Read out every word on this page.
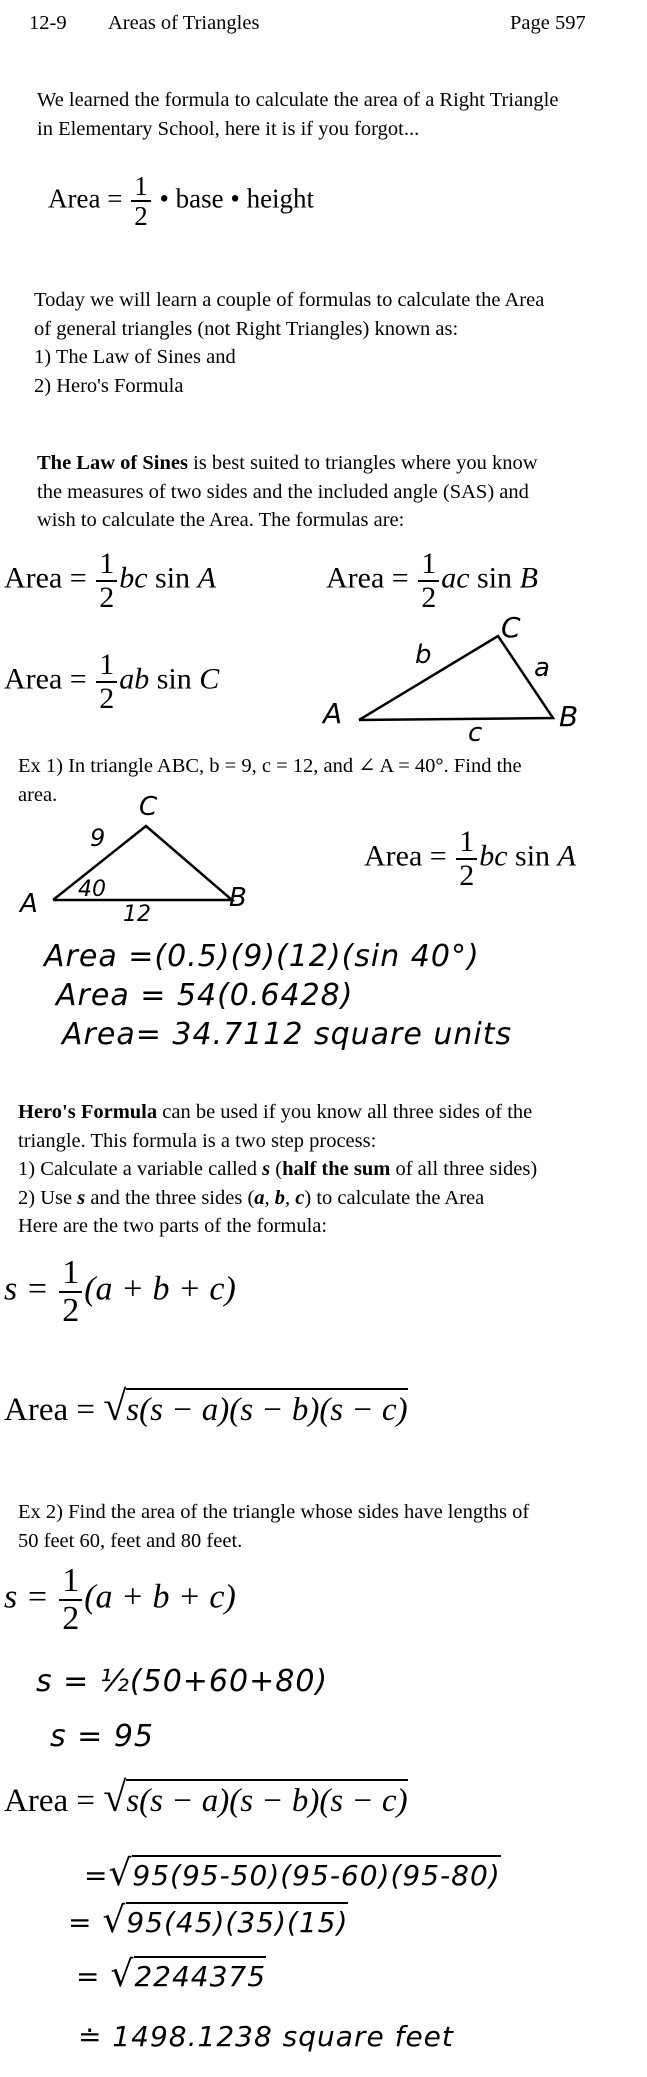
12-9 Areas of Triangles	Page 597
We learned the formula to calculate the area of a Right Triangle
in Elementary School, here it is if you forgot...
Area = $\frac{1}{2}$ • base • height
Today we will learn a couple of formulas to calculate the Area
of general triangles (not Right Triangles) known as:
1) The Law of Sines and
2) Hero's Formula
The Law of Sines is best suited to triangles where you know
the measures of two sides and the included angle (SAS) and
wish to calculate the Area. The formulas are:
Area = $\frac{1}{2}$ bc sin A	Area = $\frac{1}{2}$ ac sin B
Area = $\frac{1}{2}$ ab sin C
A	B
C
a
b
c
A	B
C
9
40
12
Ex 1) In triangle ABC, b = 9, c = 12, and ∠ A = 40°. Find the
area.
Area = $\frac{1}{2}$ bc sin A
Area =(0.5)(9)(12)(sin 40°)
Area = 54(0.6428)
Area= 34.7112 square units
Hero's Formula can be used if you know all three sides of the
triangle. This formula is a two step process:
1) Calculate a variable called s (half the sum of all three sides)
2) Use s and the three sides (a, b, c) to calculate the Area
Here are the two parts of the formula:
$s = \frac{1}{2} (a + b + c)$
Area = √s(s − a)(s − b)(s − c)
Ex 2) Find the area of the triangle whose sides have lengths of
50 feet 60, feet and 80 feet.
$s = \frac{1}{2} (a + b + c)$
s = ½(50+60+80)
s = 95
Area = √s(s − a)(s − b)(s − c)
=√95(95-50)(95-60)(95-80)
= √95(45)(35)(15)
= √2244375
≐ 1498.1238 square feet
